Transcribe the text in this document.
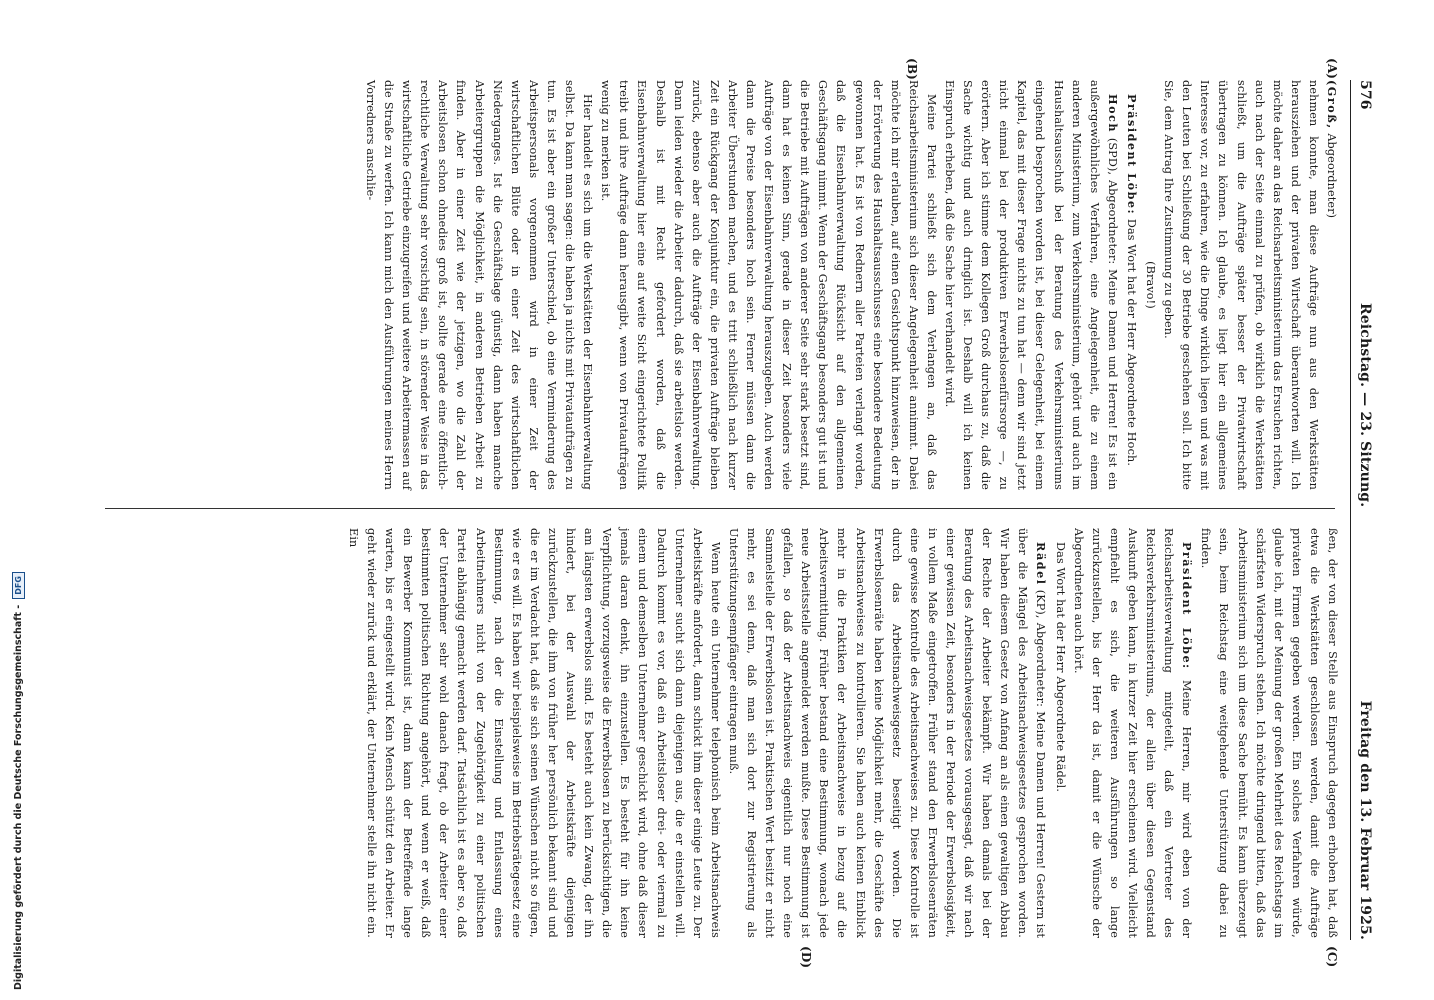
576
Reichstag. — 23. Sitzung.
Freitag den 13. Februar 1925.
(A)
(B)
(C)
(D)

(Groß, Abgeordneter)

nehmen konnte, man diese Aufträge nun aus den Werkstätten herausziehen und der privaten Wirtschaft überantworten will. Ich möchte daher an das Reichsarbeitsministerium das Ersuchen richten, auch nach der Seite einmal zu prüfen, ob wirklich die Werkstätten schließt, um die Aufträge später besser der Privatwirtschaft übertragen zu können. Ich glaube, es liegt hier ein allgemeines Interesse vor, zu erfahren, wie die Dinge wirklich liegen und was mit den Leuten bei Schließung der 30 Betriebe geschehen soll. Ich bitte Sie, dem Antrag Ihre Zustimmung zu geben.

(Bravo!)

Präsident Löbe: Das Wort hat der Herr Abgeordnete Hoch.

Hoch (SPD), Abgeordneter: Meine Damen und Herren! Es ist ein außergewöhnliches Verfahren, eine Angelegenheit, die zu einem anderen Ministerium, zum Verkehrsministerium, gehört und auch im Haushaltsausschuß bei der Beratung des Verkehrsministeriums eingehend besprochen worden ist, bei dieser Gelegenheit, bei einem Kapitel, das mit dieser Frage nichts zu tun hat — denn wir sind jetzt nicht einmal bei der produktiven Erwerbslosenfürsorge —, zu erörtern. Aber ich stimme dem Kollegen Groß durchaus zu, daß die Sache wichtig und auch dringlich ist. Deshalb will ich keinen Einspruch erheben, daß die Sache hier verhandelt wird.

Meine Partei schließt sich dem Verlangen an, daß das Reichsarbeitsministerium sich dieser Angelegenheit annimmt. Dabei möchte ich mir erlauben, auf einen Gesichtspunkt hinzuweisen, der in der Erörterung des Haushaltsausschusses eine besondere Bedeutung gewonnen hat. Es ist von Rednern aller Parteien verlangt worden, daß die Eisenbahnverwaltung Rücksicht auf den allgemeinen Geschäftsgang nimmt. Wenn der Geschäftsgang besonders gut ist und die Betriebe mit Aufträgen von anderer Seite sehr stark besetzt sind, dann hat es keinen Sinn, gerade in dieser Zeit besonders viele Aufträge von der Eisenbahnverwaltung herauszugeben. Auch werden dann die Preise besonders hoch sein. Ferner müssen dann die Arbeiter Überstunden machen, und es tritt schließlich nach kurzer Zeit ein Rückgang der Konjunktur ein, die privaten Aufträge bleiben zurück, ebenso aber auch die Aufträge der Eisenbahnverwaltung. Dann leiden wieder die Arbeiter dadurch, daß sie arbeitslos werden. Deshalb ist mit Recht gefordert worden, daß die Eisenbahnverwaltung hier eine auf weite Sicht eingerichtete Politik treibt und ihre Aufträge dann herausgibt, wenn von Privataufträgen wenig zu merken ist.

Hier handelt es sich um die Werkstätten der Eisenbahnverwaltung selbst. Da kann man sagen: die haben ja nichts mit Privataufträgen zu tun. Es ist aber ein großer Unterschied, ob eine Verminderung des Arbeitspersonals vorgenommen wird in einer Zeit der wirtschaftlichen Blüte oder in einer Zeit des wirtschaftlichen Niederganges. Ist die Geschäftslage günstig, dann haben manche Arbeitergruppen die Möglichkeit, in anderen Betrieben Arbeit zu finden. Aber in einer Zeit wie der jetzigen, wo die Zahl der Arbeitslosen schon ohnedies groß ist, sollte gerade eine öffentlich-rechtliche Verwaltung sehr vorsichtig sein, in störender Weise in das wirtschaftliche Getriebe einzugreifen und weitere Arbeitermassen auf die Straße zu werfen. Ich kann mich den Ausführungen meines Herrn Vorredners anschlie-

ßen, der von dieser Stelle aus Einspruch dagegen erhoben hat, daß etwa die Werkstätten geschlossen werden, damit die Aufträge privaten Firmen gegeben werden. Ein solches Verfahren würde, glaube ich, mit der Meinung der großen Mehrheit des Reichstags im schärfsten Widerspruch stehen. Ich möchte dringend bitten, daß das Arbeitsministerium sich um diese Sache bemüht. Es kann überzeugt sein, beim Reichstag eine weitgehende Unterstützung dabei zu finden.

Präsident Löbe: Meine Herren, mir wird eben von der Reichsarbeitsverwaltung mitgeteilt, daß ein Vertreter des Reichsverkehrsministeriums, der allein über diesen Gegenstand Auskunft geben kann, in kurzer Zeit hier erscheinen wird. Vielleicht empfiehlt es sich, die weiteren Ausführungen so lange zurückzustellen, bis der Herr da ist, damit er die Wünsche der Abgeordneten auch hört.

Das Wort hat der Herr Abgeordnete Rädel.

Rädel (KP), Abgeordneter: Meine Damen und Herren! Gestern ist über die Mängel des Arbeitsnachweisgesetzes gesprochen worden. Wir haben diesem Gesetz von Anfang an als einen gewaltigen Abbau der Rechte der Arbeiter bekämpft. Wir haben damals bei der Beratung des Arbeitsnachweisgesetzes vorausgesagt, daß wir nach einer gewissen Zeit, besonders in der Periode der Erwerbslosigkeit, in vollem Maße eingetroffen. Früher stand den Erwerbslosenräten eine gewisse Kontrolle des Arbeitsnachweises zu. Diese Kontrolle ist durch das Arbeitsnachweisgesetz beseitigt worden. Die Erwerbslosenräte haben keine Möglichkeit mehr, die Geschäfte des Arbeitsnachweises zu kontrollieren. Sie haben auch keinen Einblick mehr in die Praktiken der Arbeitsnachweise in bezug auf die Arbeitsvermittlung. Früher bestand eine Bestimmung, wonach jede neue Arbeitsstelle angemeldet werden mußte. Diese Bestimmung ist gefallen, so daß der Arbeitsnachweis eigentlich nur noch eine Sammelstelle der Erwerbslosen ist. Praktischen Wert besitzt er nicht mehr, es sei denn, daß man sich dort zur Registrierung als Unterstützungsempfänger eintragen muß.

Wenn heute ein Unternehmer telephonisch beim Arbeitsnachweis Arbeitskräfte anfordert, dann schickt ihm dieser einige Leute zu. Der Unternehmer sucht sich dann diejenigen aus, die er einstellen will. Dadurch kommt es vor, daß ein Arbeitsloser drei- oder viermal zu einem und demselben Unternehmer geschickt wird, ohne daß dieser jemals daran denkt, ihn einzustellen. Es besteht für ihn keine Verpflichtung, vorzugsweise die Erwerbslosen zu berücksichtigen, die am längsten erwerbslos sind. Es besteht auch kein Zwang, der ihn hindert, bei der Auswahl der Arbeitskräfte diejenigen zurückzustellen, die ihm von früher her persönlich bekannt sind und die er im Verdacht hat, daß sie sich seinen Wünschen nicht so fügen, wie er es will. Es haben wir beispielsweise im Betriebsrätegesetz eine Bestimmung, nach der die Einstellung und Entlassung eines Arbeitnehmers nicht von der Zugehörigkeit zu einer politischen Partei abhängig gemacht werden darf. Tatsächlich ist es aber so, daß der Unternehmer sehr wohl danach fragt, ob der Arbeiter einer bestimmten politischen Richtung angehört, und wenn er weiß, daß ein Bewerber Kommunist ist, dann kann der Betreffende lange warten, bis er eingestellt wird. Kein Mensch schützt den Arbeiter. Er geht wieder zurück und erklärt, der Unternehmer stelle ihn nicht ein. Ein

Digitalisierung gefördert durch die Deutsche Forschungsgemeinschaft -
DFG
